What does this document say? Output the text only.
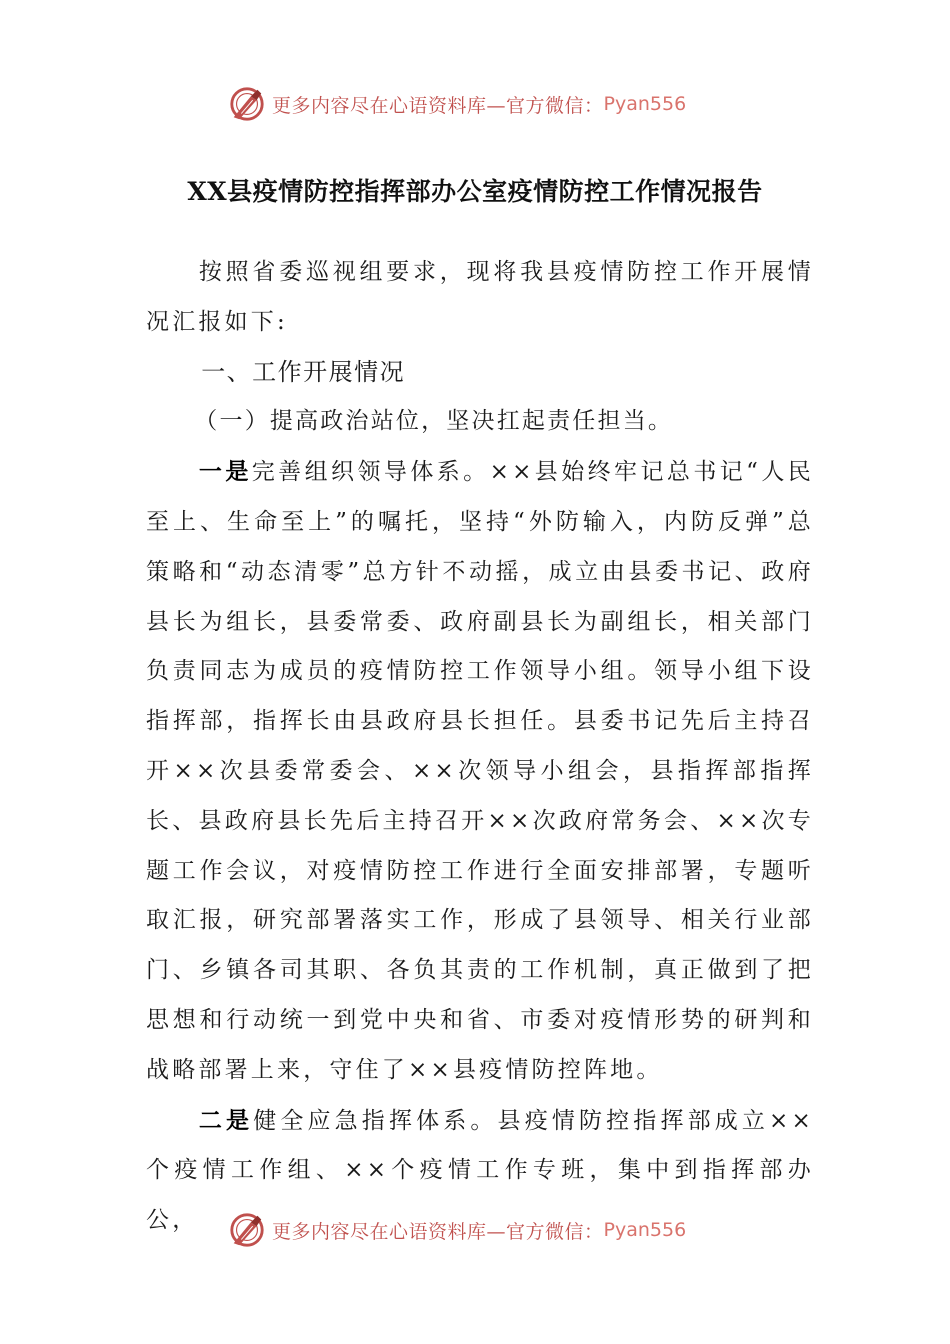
更多内容尽在心语资料库—官方微信： Pyan556
XX县疫情防控指挥部办公室疫情防控工作情况报告

按照省委巡视组要求，现将我县疫情防控工作开展情况汇报如下:

一、工作开展情况

（一）提高政治站位，坚决扛起责任担当。

一是完善组织领导体系。××县始终牢记总书记“人民至上、生命至上”的嘱托，坚持“外防输入，内防反弹”总策略和“动态清零”总方针不动摇，成立由县委书记、政府县长为组长，县委常委、政府副县长为副组长，相关部门负责同志为成员的疫情防控工作领导小组。领导小组下设指挥部，指挥长由县政府县长担任。县委书记先后主持召开××次县委常委会、××次领导小组会，县指挥部指挥长、县政府县长先后主持召开××次政府常务会、××次专题工作会议，对疫情防控工作进行全面安排部署，专题听取汇报，研究部署落实工作，形成了县领导、相关行业部门、乡镇各司其职、各负其责的工作机制，真正做到了把思想和行动统一到党中央和省、市委对疫情形势的研判和战略部署上来，守住了××县疫情防控阵地。

二是健全应急指挥体系。县疫情防控指挥部成立××个疫情工作组、××个疫情工作专班，集中到指挥部办公，	更多内容尽在心语资料库—官方微信： Pyan556
